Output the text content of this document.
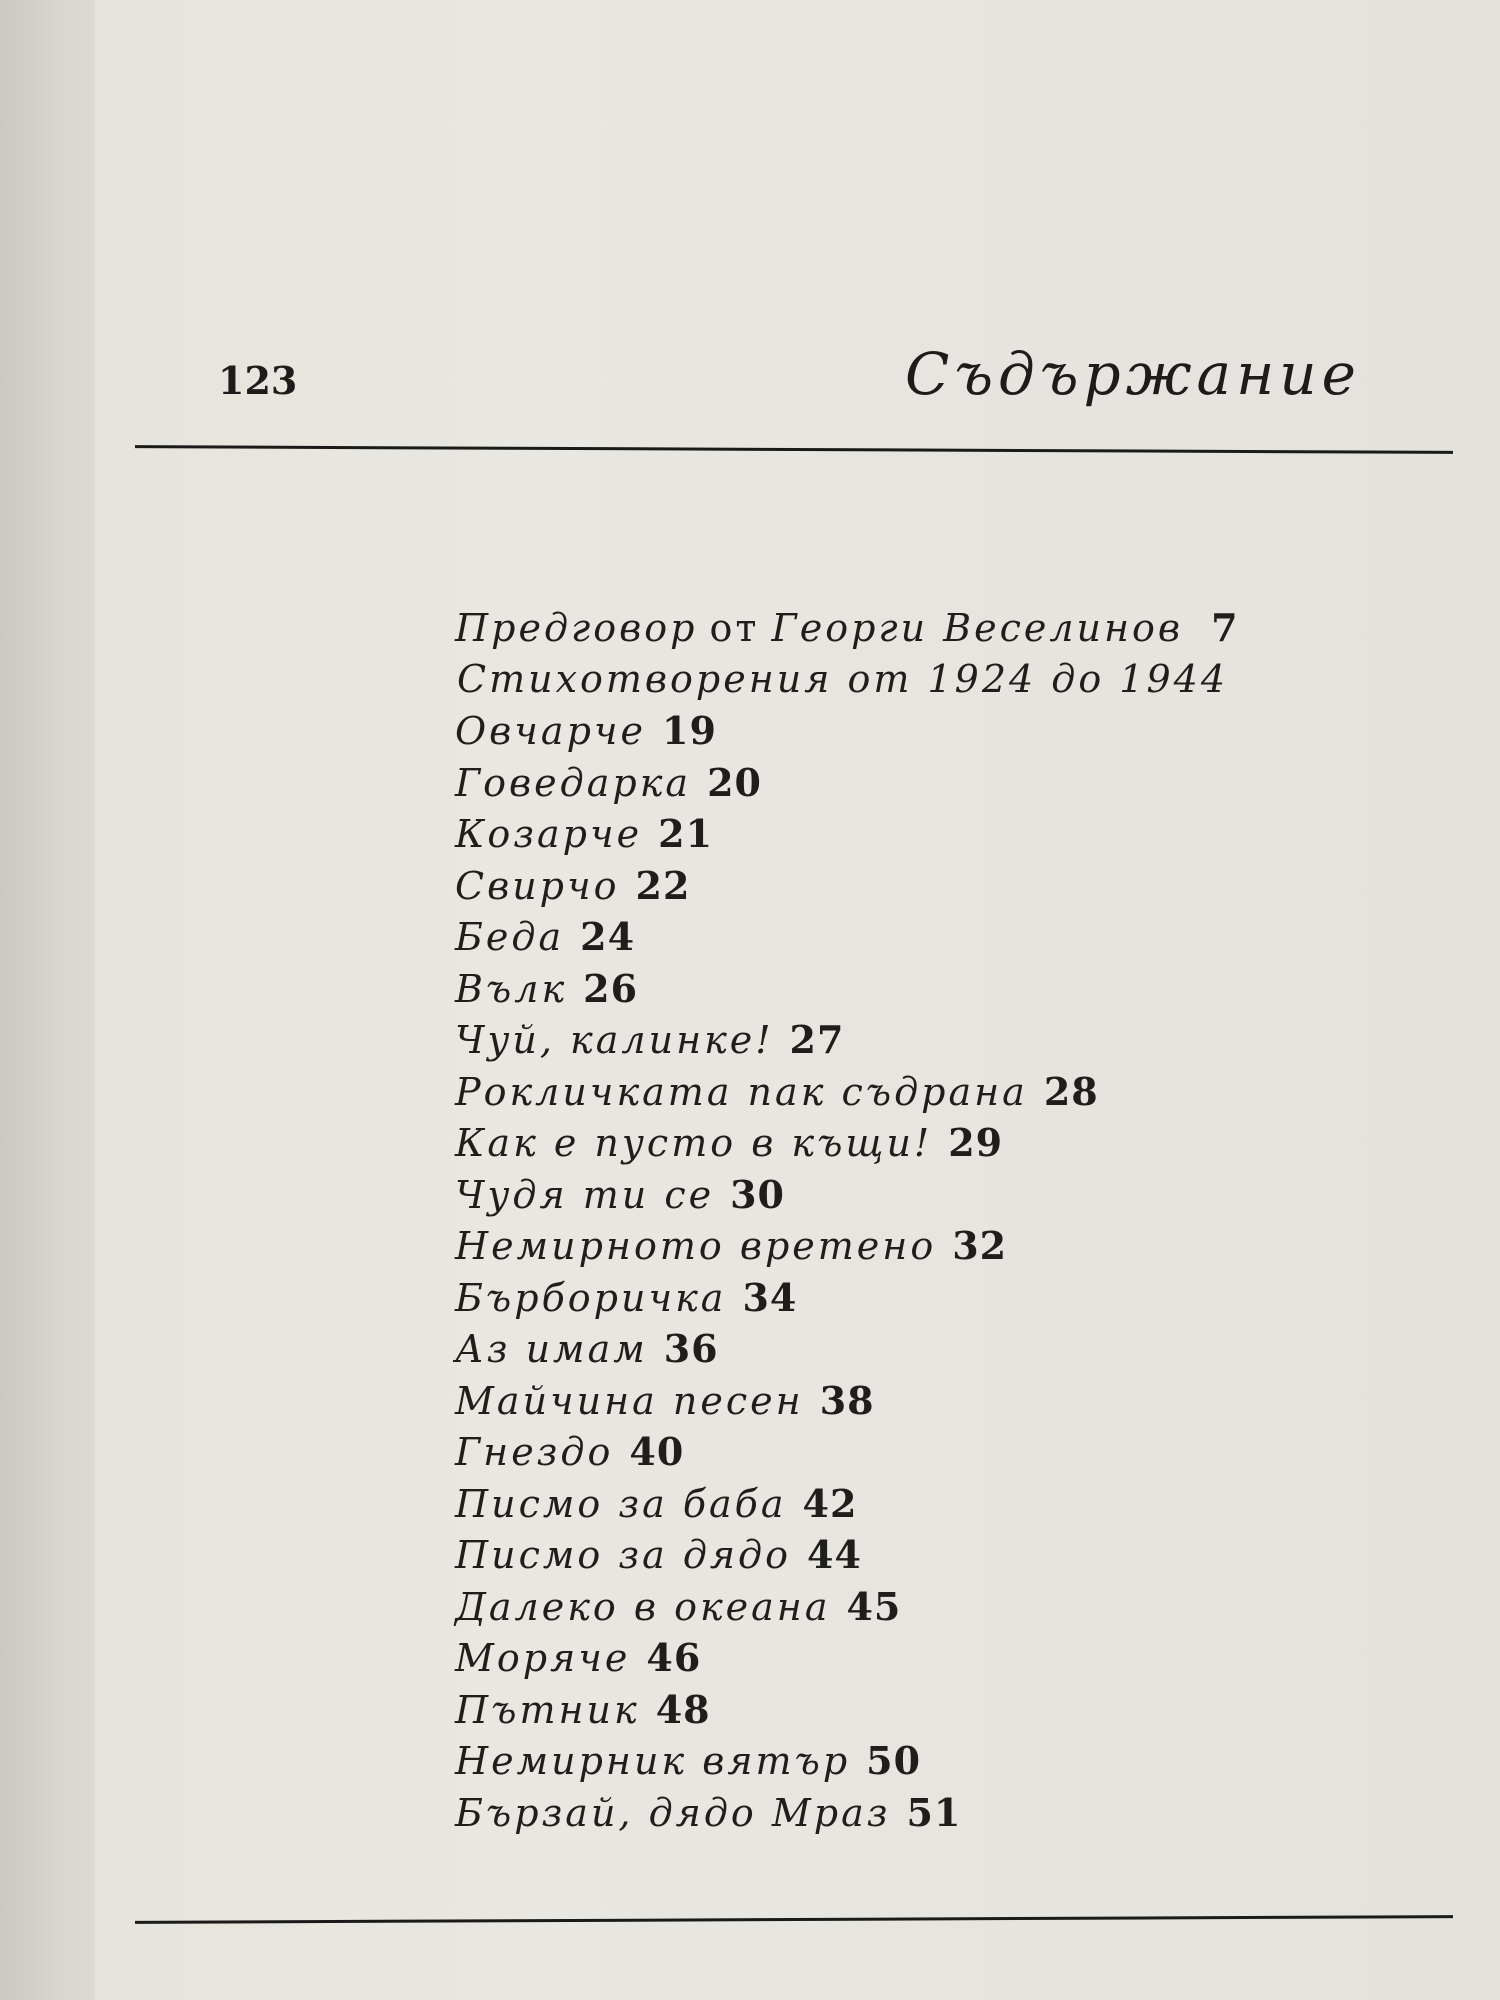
123	Съдържание
Предговор от Георги Веселинов 7
Стихотворения от 1924 до 1944
Овчарче 19
Говедарка 20
Козарче 21
Свирчо 22
Беда 24
Вълк 26
Чуй, калинке! 27
Рокличката пак съдрана 28
Как е пусто в къщи! 29
Чудя ти се 30
Немирното вретено 32
Бърборичка 34
Аз имам 36
Майчина песен 38
Гнездо 40
Писмо за баба 42
Писмо за дядо 44
Далеко в океана 45
Моряче 46
Пътник 48
Немирник вятър 50
Бързай, дядо Мраз 51
